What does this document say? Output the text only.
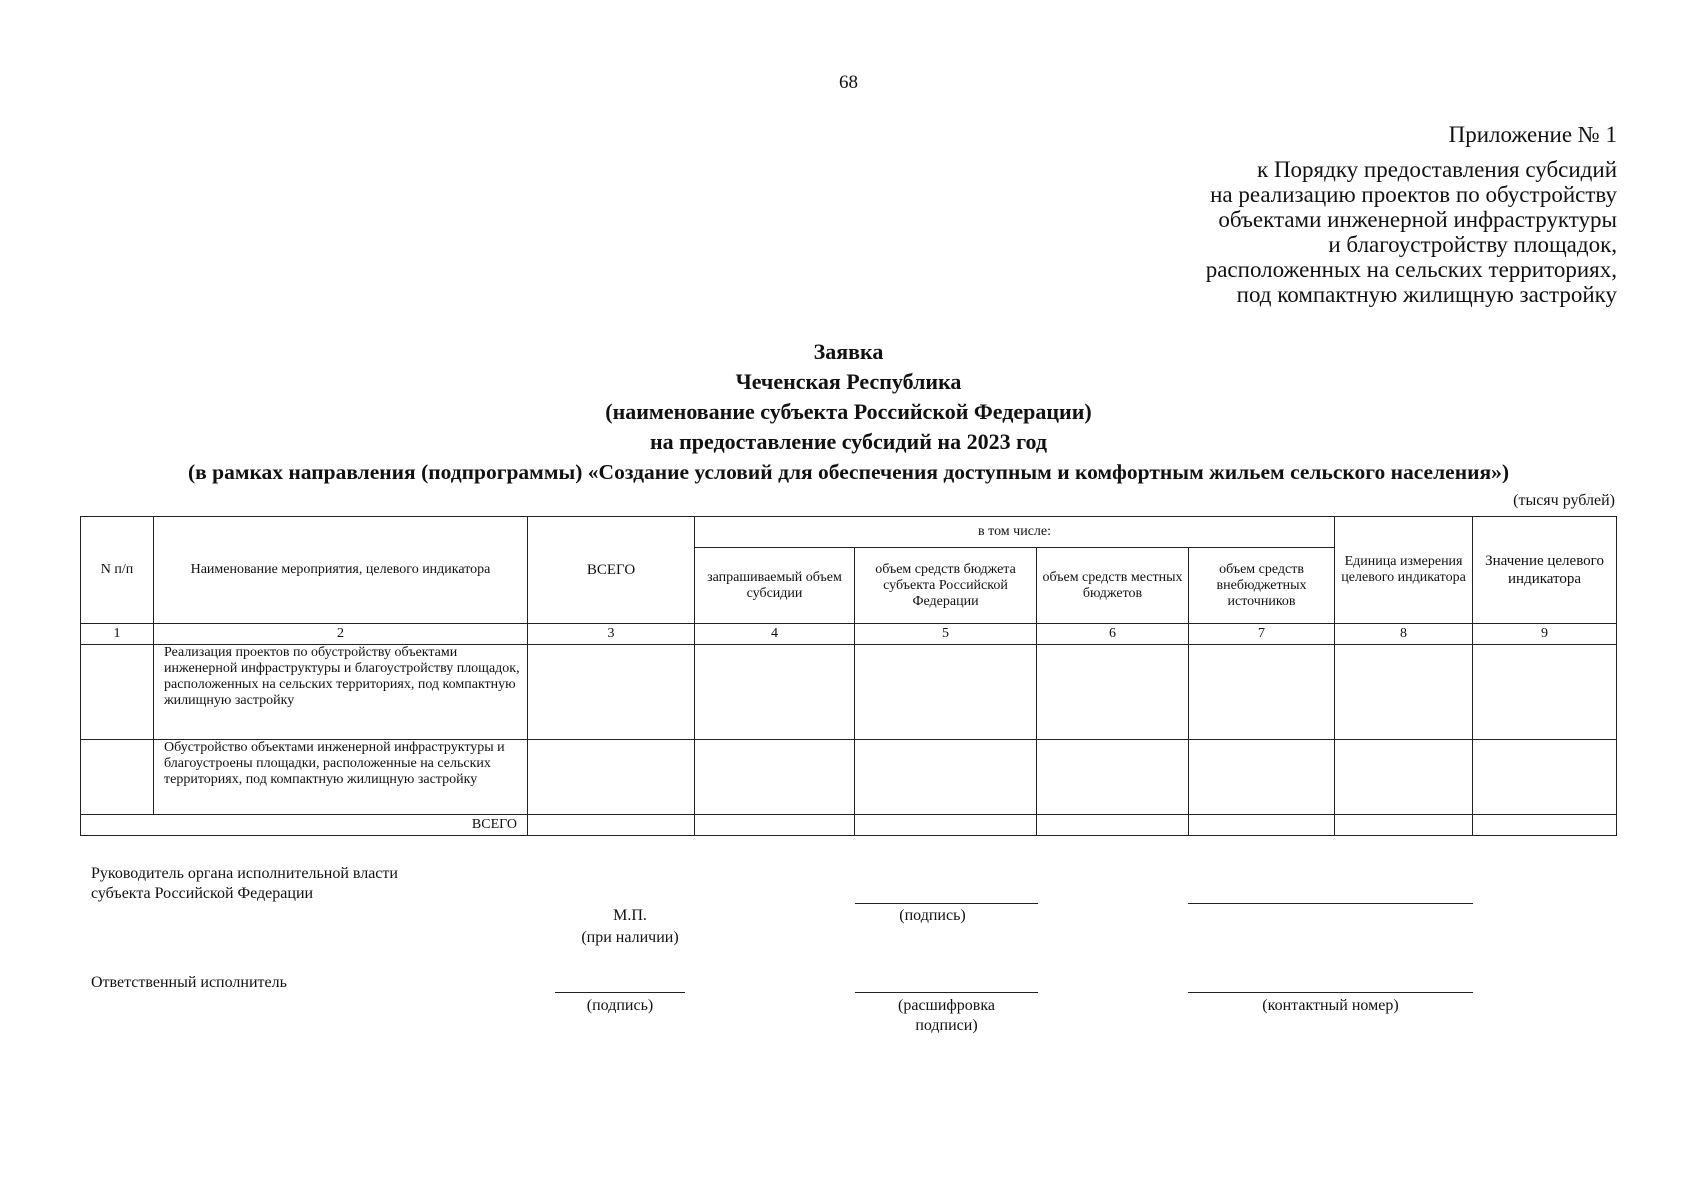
68
Приложение № 1
к Порядку предоставления субсидий
на реализацию проектов по обустройству
объектами инженерной инфраструктуры
и благоустройству площадок,
расположенных на сельских территориях,
под компактную жилищную застройку
Заявка
Чеченская Республика
(наименование субъекта Российской Федерации)
на предоставление субсидий на 2023 год
(в рамках направления (подпрограммы) «Создание условий для обеспечения доступным и комфортным жильем сельского населения»)
(тысяч рублей)
N п/п	Наименование мероприятия, целевого индикатора	ВСЕГО	в том числе:				Единица измерения целевого индикатора	Значение целевого индикатора
			запрашиваемый объем субсидии	объем средств бюджета субъекта Российской Федерации	объем средств местных бюджетов	объем средств внебюджетных источников		
1	2	3	4	5	6	7	8	9
	Реализация проектов по обустройству объектами инженерной инфраструктуры и благоустройству площадок, расположенных на сельских территориях, под компактную жилищную застройку							
	Обустройство объектами инженерной инфраструктуры и благоустроены площадки, расположенные на сельских территориях, под компактную жилищную застройку							
ВСЕГО								
Руководитель органа исполнительной власти
субъекта Российской Федерации
М.П.
(при наличии)
(подпись)
Ответственный исполнитель
(подпись)	(расшифровка
подписи)
(контактный номер)
